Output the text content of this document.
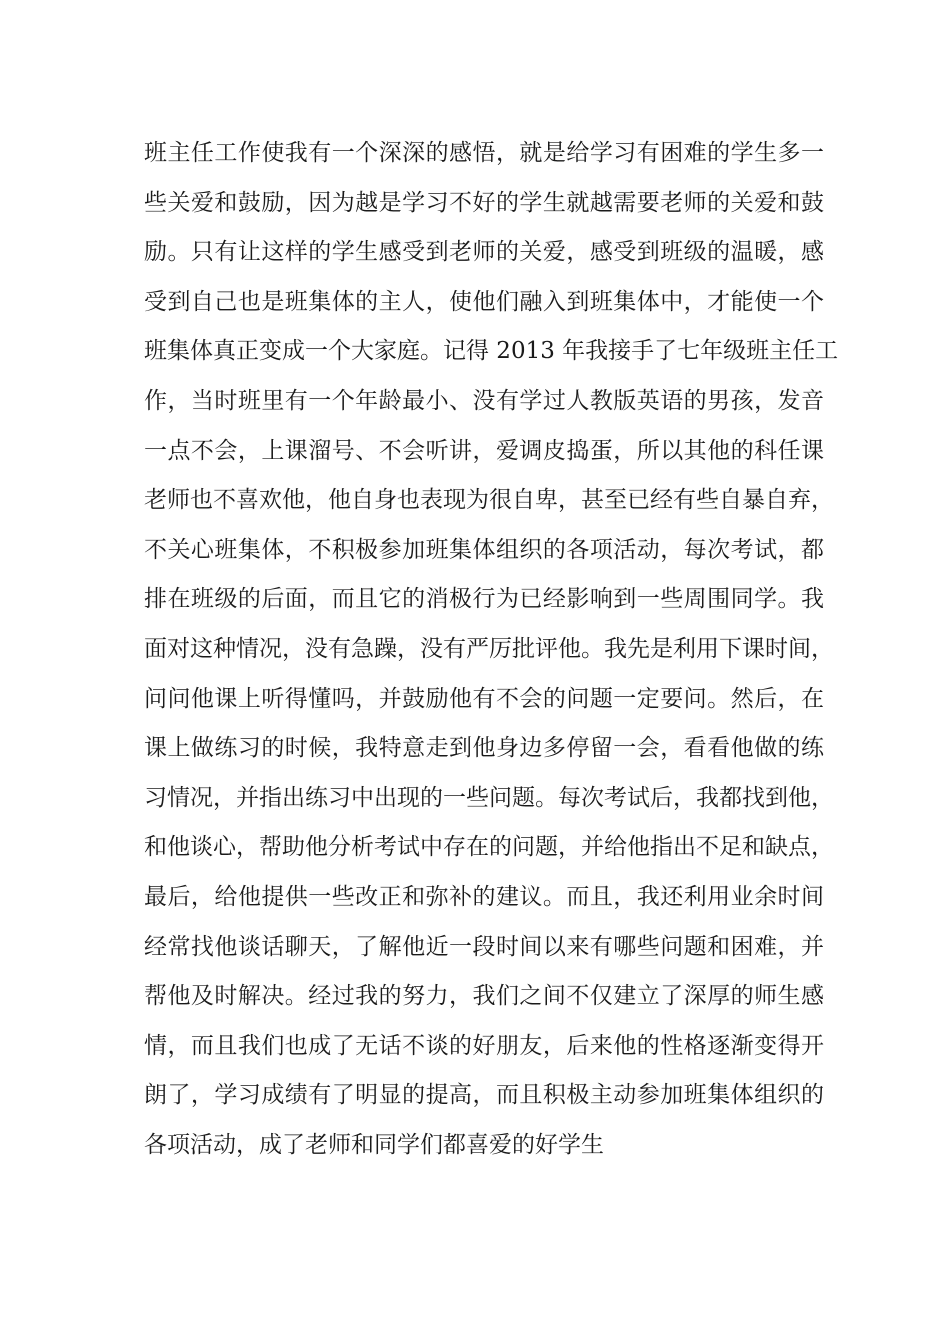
班主任工作使我有一个深深的感悟，就是给学习有困难的学生多一
些关爱和鼓励，因为越是学习不好的学生就越需要老师的关爱和鼓
励。只有让这样的学生感受到老师的关爱，感受到班级的温暖，感
受到自己也是班集体的主人，使他们融入到班集体中，才能使一个
班集体真正变成一个大家庭。记得 2013 年我接手了七年级班主任工
作，当时班里有一个年龄最小、没有学过人教版英语的男孩，发音
一点不会，上课溜号、不会听讲，爱调皮捣蛋，所以其他的科任课
老师也不喜欢他，他自身也表现为很自卑，甚至已经有些自暴自弃，
不关心班集体，不积极参加班集体组织的各项活动，每次考试，都
排在班级的后面，而且它的消极行为已经影响到一些周围同学。我
面对这种情况，没有急躁，没有严厉批评他。我先是利用下课时间，
问问他课上听得懂吗，并鼓励他有不会的问题一定要问。然后，在
课上做练习的时候，我特意走到他身边多停留一会，看看他做的练
习情况，并指出练习中出现的一些问题。每次考试后，我都找到他，
和他谈心，帮助他分析考试中存在的问题，并给他指出不足和缺点，
最后，给他提供一些改正和弥补的建议。而且，我还利用业余时间
经常找他谈话聊天，了解他近一段时间以来有哪些问题和困难，并
帮他及时解决。经过我的努力，我们之间不仅建立了深厚的师生感
情，而且我们也成了无话不谈的好朋友，后来他的性格逐渐变得开
朗了，学习成绩有了明显的提高，而且积极主动参加班集体组织的
各项活动，成了老师和同学们都喜爱的好学生
